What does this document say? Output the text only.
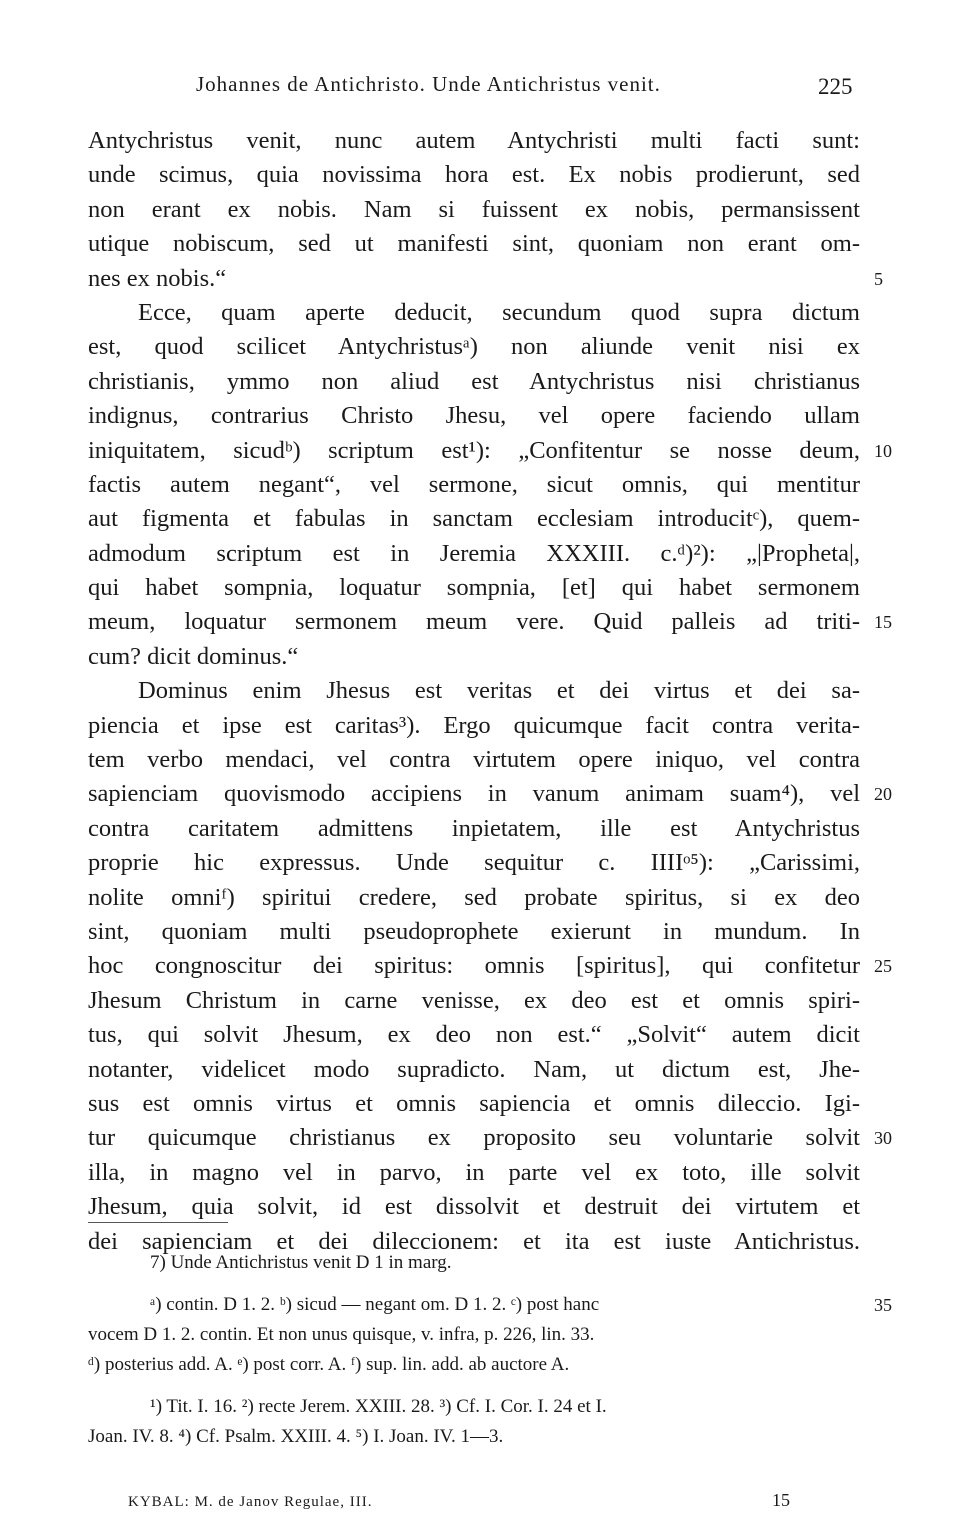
Johannes de Antichristo. Unde Antichristus venit.	225
Antychristus venit, nunc autem Antychristi multi facti sunt:
unde scimus, quia novissima hora est. Ex nobis prodierunt, sed
non erant ex nobis. Nam si fuissent ex nobis, permansissent
utique nobiscum, sed ut manifesti sint, quoniam non erant om-
nes ex nobis.“	5
Ecce, quam aperte deducit, secundum quod supra dictum
est, quod scilicet Antychristusᵃ) non aliunde venit nisi ex
christianis, ymmo non aliud est Antychristus nisi christianus
indignus, contrarius Christo Jhesu, vel opere faciendo ullam
iniquitatem, sicudᵇ) scriptum est¹): „Confitentur se nosse deum, 10
factis autem negant“, vel sermone, sicut omnis, qui mentitur
aut figmenta et fabulas in sanctam ecclesiam introducitᶜ), quem-
admodum scriptum est in Jeremia XXXIII. c.ᵈ)²): „|Propheta|,
qui habet sompnia, loquatur sompnia, [et] qui habet sermonem
meum, loquatur sermonem meum vere. Quid palleis ad triti- 15
cum? dicit dominus.“
Dominus enim Jhesus est veritas et dei virtus et dei sa-
piencia et ipse est caritas³). Ergo quicumque facit contra verita-
tem verbo mendaci, vel contra virtutem opere iniquo, vel contra
sapienciam quovismodo accipiens in vanum animam suam⁴), vel 20
contra caritatem admittens inpietatem, ille est Antychristus
proprie hic expressus. Unde sequitur c. IIIIᵒ⁵): „Carissimi,
nolite omniᶠ) spiritui credere, sed probate spiritus, si ex deo
sint, quoniam multi pseudoprophete exierunt in mundum. In
hoc congnoscitur dei spiritus: omnis [spiritus], qui confitetur 25
Jhesum Christum in carne venisse, ex deo est et omnis spiri-
tus, qui solvit Jhesum, ex deo non est.“ „Solvit“ autem dicit
notanter, videlicet modo supradicto. Nam, ut dictum est, Jhe-
sus est omnis virtus et omnis sapiencia et omnis dileccio. Igi-
tur quicumque christianus ex proposito seu voluntarie solvit 30
illa, in magno vel in parvo, in parte vel ex toto, ille solvit
Jhesum, quia solvit, id est dissolvit et destruit dei virtutem et
dei sapienciam et dei dileccionem: et ita est iuste Antichristus.
7) Unde Antichristus venit D 1 in marg.
ᵃ) contin. D 1. 2. ᵇ) sicud — negant om. D 1. 2. ᶜ) post hanc	35
vocem D 1. 2. contin. Et non unus quisque, v. infra, p. 226, lin. 33.
ᵈ) posterius add. A. ᵉ) post corr. A. ᶠ) sup. lin. add. ab auctore A.
¹) Tit. I. 16. ²) recte Jerem. XXIII. 28. ³) Cf. I. Cor. I. 24 et I.
Joan. IV. 8. ⁴) Cf. Psalm. XXIII. 4. ⁵) I. Joan. IV. 1—3.
KYBAL: M. de Janov Regulae, III.	15
